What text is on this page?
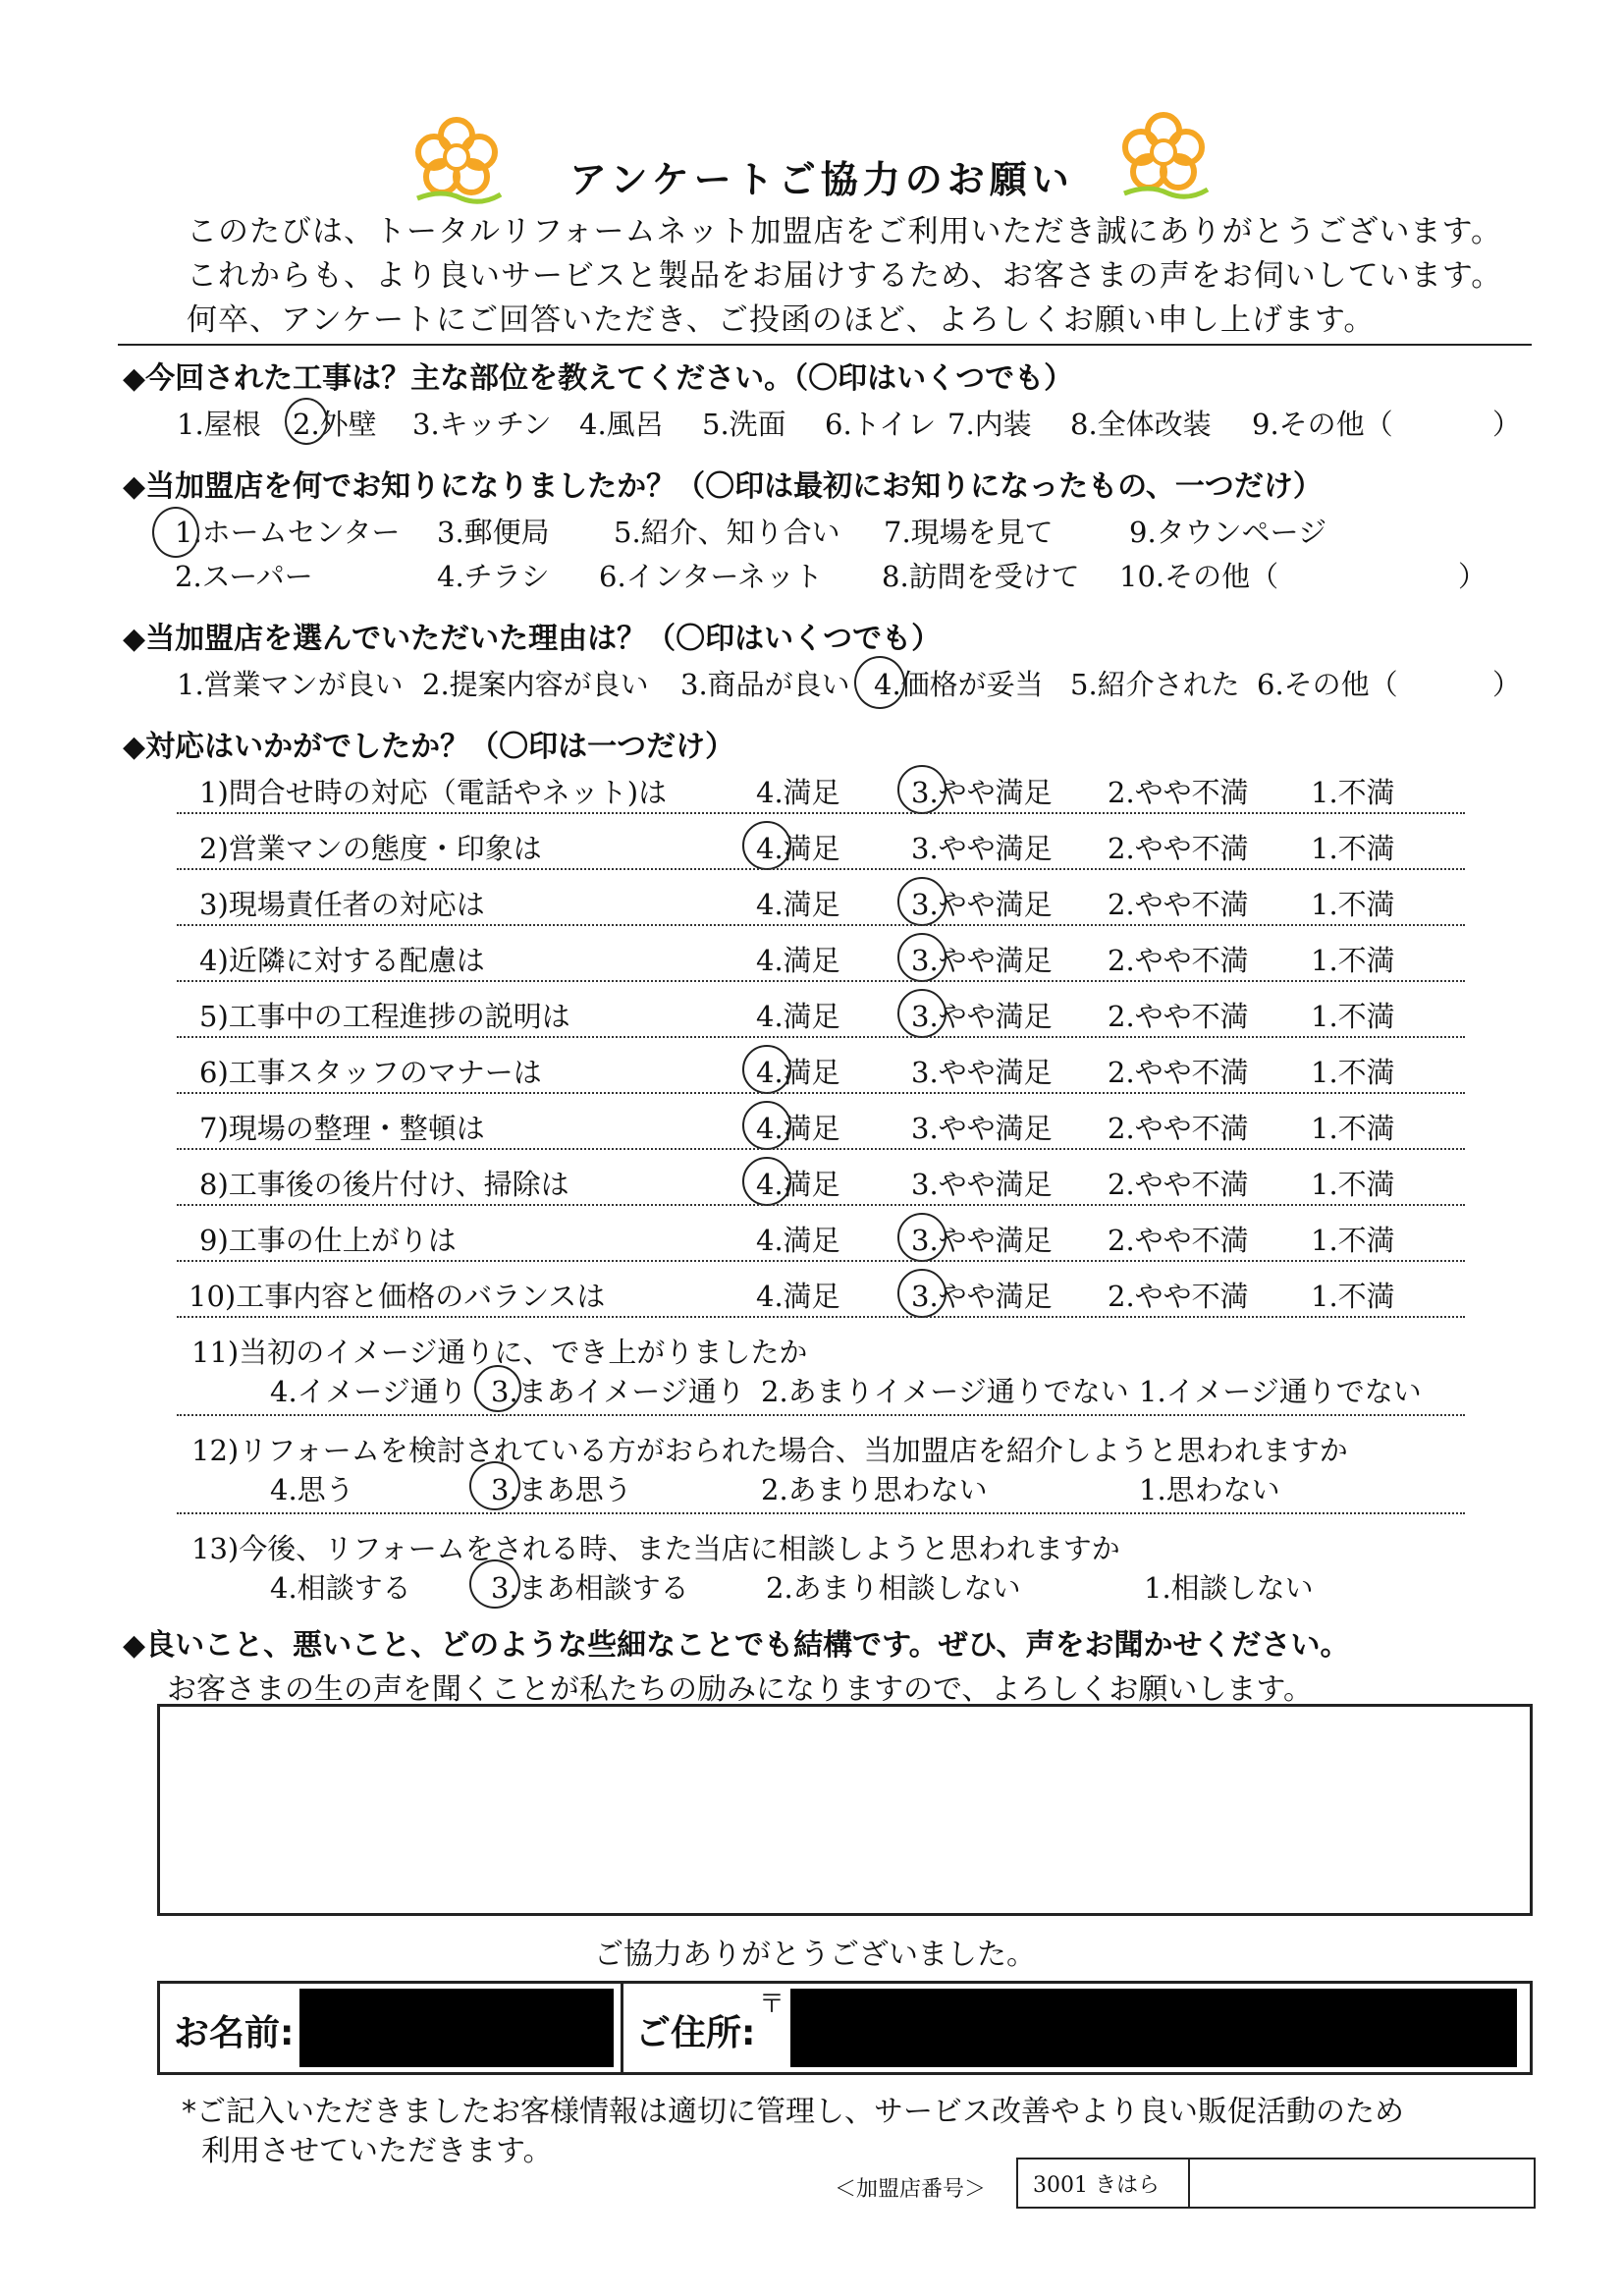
アンケートご協力のお願い
このたびは、トータルリフォームネット加盟店をご利用いただき誠にありがとうございます。
これからも、より良いサービスと製品をお届けするため、お客さまの声をお伺いしています。
何卒、アンケートにご回答いただき、ご投函のほど、よろしくお願い申し上げます。
◆今回された工事は？主な部位を教えてください。（〇印はいくつでも）
1.屋根 2.外壁 3.キッチン 4.風呂 5.洗面 6.トイレ 7.内装 8.全体改装 9.その他（	）
◆当加盟店を何でお知りになりましたか？（〇印は最初にお知りになったもの、一つだけ）
1.ホームセンター 3.郵便局 5.紹介、知り合い 7.現場を見て	9.タウンページ
2.スーパー	4.チラシ 6.インターネット 8.訪問を受けて 10.その他（	）
◆当加盟店を選んでいただいた理由は？（〇印はいくつでも）
1.営業マンが良い 2.提案内容が良い 3.商品が良い 4.価格が妥当 5.紹介された 6.その他（	）
◆対応はいかがでしたか？（〇印は一つだけ）
1)問合せ時の対応（電話やネット)は	4.満足 3.やや満足 2.やや不満 1.不満
2)営業マンの態度・印象は	4.満足 3.やや満足 2.やや不満 1.不満
3)現場責任者の対応は	4.満足 3.やや満足 2.やや不満 1.不満
4)近隣に対する配慮は	4.満足 3.やや満足 2.やや不満 1.不満
5)工事中の工程進捗の説明は	4.満足 3.やや満足 2.やや不満 1.不満
6)工事スタッフのマナーは	4.満足 3.やや満足 2.やや不満 1.不満
7)現場の整理・整頓は	4.満足 3.やや満足 2.やや不満 1.不満
8)工事後の後片付け、掃除は	4.満足 3.やや満足 2.やや不満 1.不満
9)工事の仕上がりは	4.満足 3.やや満足 2.やや不満 1.不満
10)工事内容と価格のバランスは	4.満足 3.やや満足 2.やや不満 1.不満
11)当初のイメージ通りに、でき上がりましたか
4.イメージ通り 3.まあイメージ通り 2.あまりイメージ通りでない 1.イメージ通りでない
12)リフォームを検討されている方がおられた場合、当加盟店を紹介しようと思われますか
4.思う	3.まあ思う	2.あまり思わない	1.思わない
13)今後、リフォームをされる時、また当店に相談しようと思われますか
4.相談する	3.まあ相談する	2.あまり相談しない	1.相談しない
◆良いこと、悪いこと、どのような些細なことでも結構です。ぜひ、声をお聞かせください。
お客さまの生の声を聞くことが私たちの励みになりますので、よろしくお願いします。
ご協力ありがとうございました。
お名前:	ご住所:
〒
*ご記入いただきましたお客様情報は適切に管理し、サービス改善やより良い販促活動のため
利用させていただきます。
＜加盟店番号＞ 3001 きはら
